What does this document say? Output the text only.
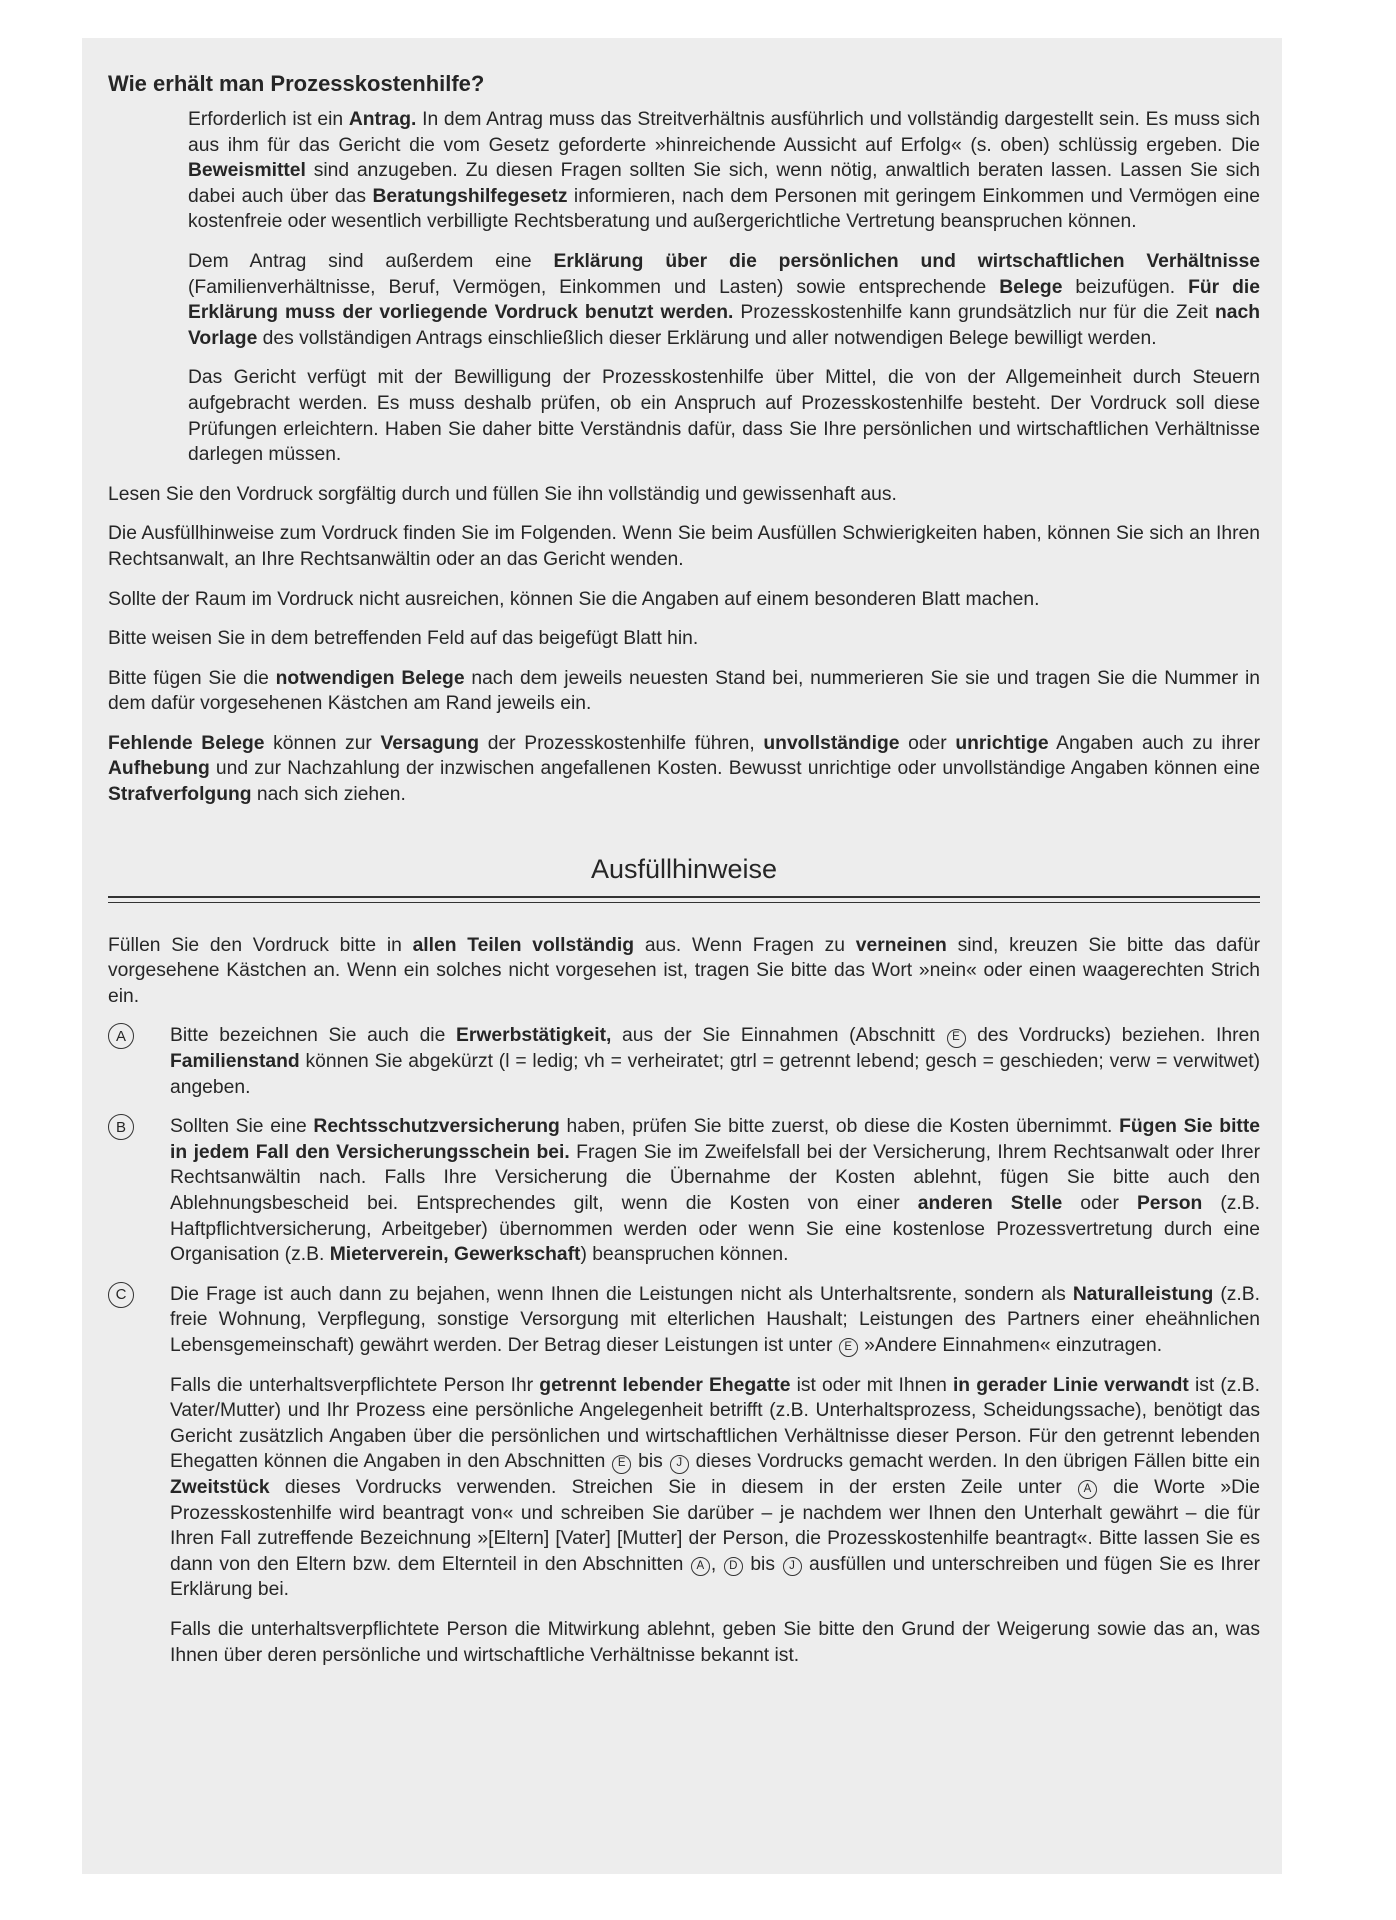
Wie erhält man Prozesskostenhilfe?

Erforderlich ist ein Antrag. In dem Antrag muss das Streitverhältnis ausführlich und vollständig dargestellt sein. Es muss sich aus ihm für das Gericht die vom Gesetz geforderte »hinreichende Aussicht auf Erfolg« (s. oben) schlüssig ergeben. Die Beweismittel sind anzugeben. Zu diesen Fragen sollten Sie sich, wenn nötig, anwaltlich beraten lassen. Lassen Sie sich dabei auch über das Beratungshilfegesetz informieren, nach dem Personen mit geringem Einkommen und Vermögen eine kostenfreie oder wesentlich verbilligte Rechtsberatung und außergerichtliche Vertretung beanspruchen können.

Dem Antrag sind außerdem eine Erklärung über die persönlichen und wirtschaftlichen Verhältnisse (Familienverhältnisse, Beruf, Vermögen, Einkommen und Lasten) sowie entsprechende Belege beizufügen. Für die Erklärung muss der vorliegende Vordruck benutzt werden. Prozesskostenhilfe kann grundsätzlich nur für die Zeit nach Vorlage des vollständigen Antrags einschließlich dieser Erklärung und aller notwendigen Belege bewilligt werden.

Das Gericht verfügt mit der Bewilligung der Prozesskostenhilfe über Mittel, die von der Allgemeinheit durch Steuern aufgebracht werden. Es muss deshalb prüfen, ob ein Anspruch auf Prozesskostenhilfe besteht. Der Vordruck soll diese Prüfungen erleichtern. Haben Sie daher bitte Verständnis dafür, dass Sie Ihre persönlichen und wirtschaftlichen Verhältnisse darlegen müssen.

Lesen Sie den Vordruck sorgfältig durch und füllen Sie ihn vollständig und gewissenhaft aus.

Die Ausfüllhinweise zum Vordruck finden Sie im Folgenden. Wenn Sie beim Ausfüllen Schwierigkeiten haben, können Sie sich an Ihren Rechtsanwalt, an Ihre Rechtsanwältin oder an das Gericht wenden.

Sollte der Raum im Vordruck nicht ausreichen, können Sie die Angaben auf einem besonderen Blatt machen.

Bitte weisen Sie in dem betreffenden Feld auf das beigefügt Blatt hin.

Bitte fügen Sie die notwendigen Belege nach dem jeweils neuesten Stand bei, nummerieren Sie sie und tragen Sie die Nummer in dem dafür vorgesehenen Kästchen am Rand jeweils ein.

Fehlende Belege können zur Versagung der Prozesskostenhilfe führen, unvollständige oder unrichtige Angaben auch zu ihrer Aufhebung und zur Nachzahlung der inzwischen angefallenen Kosten. Bewusst unrichtige oder unvollständige Angaben können eine Strafverfolgung nach sich ziehen.

Ausfüllhinweise

Füllen Sie den Vordruck bitte in allen Teilen vollständig aus. Wenn Fragen zu verneinen sind, kreuzen Sie bitte das dafür vorgesehene Kästchen an. Wenn ein solches nicht vorgesehen ist, tragen Sie bitte das Wort »nein« oder einen waagerechten Strich ein.

A	Bitte bezeichnen Sie auch die Erwerbstätigkeit, aus der Sie Einnahmen (Abschnitt E des Vordrucks) beziehen. Ihren Familienstand können Sie abgekürzt (l = ledig; vh = verheiratet; gtrl = getrennt lebend; gesch = geschieden; verw = verwitwet) angeben.

B	Sollten Sie eine Rechtsschutzversicherung haben, prüfen Sie bitte zuerst, ob diese die Kosten übernimmt. Fügen Sie bitte in jedem Fall den Versicherungsschein bei. Fragen Sie im Zweifelsfall bei der Versicherung, Ihrem Rechtsanwalt oder Ihrer Rechtsanwältin nach. Falls Ihre Versicherung die Übernahme der Kosten ablehnt, fügen Sie bitte auch den Ablehnungsbescheid bei. Entsprechendes gilt, wenn die Kosten von einer anderen Stelle oder Person (z.B. Haftpflichtversicherung, Arbeitgeber) übernommen werden oder wenn Sie eine kostenlose Prozessvertretung durch eine Organisation (z.B. Mieterverein, Gewerkschaft) beanspruchen können.

C	Die Frage ist auch dann zu bejahen, wenn Ihnen die Leistungen nicht als Unterhaltsrente, sondern als Naturalleistung (z.B. freie Wohnung, Verpflegung, sonstige Versorgung mit elterlichen Haushalt; Leistungen des Partners einer eheähnlichen Lebensgemeinschaft) gewährt werden. Der Betrag dieser Leistungen ist unter E »Andere Einnahmen« einzutragen.

Falls die unterhaltsverpflichtete Person Ihr getrennt lebender Ehegatte ist oder mit Ihnen in gerader Linie verwandt ist (z.B. Vater/Mutter) und Ihr Prozess eine persönliche Angelegenheit betrifft (z.B. Unterhaltsprozess, Scheidungssache), benötigt das Gericht zusätzlich Angaben über die persönlichen und wirtschaftlichen Verhältnisse dieser Person. Für den getrennt lebenden Ehegatten können die Angaben in den Abschnitten E bis J dieses Vordrucks gemacht werden. In den übrigen Fällen bitte ein Zweitstück dieses Vordrucks verwenden. Streichen Sie in diesem in der ersten Zeile unter A die Worte »Die Prozesskostenhilfe wird beantragt von« und schreiben Sie darüber – je nachdem wer Ihnen den Unterhalt gewährt – die für Ihren Fall zutreffende Bezeichnung »[Eltern] [Vater] [Mutter] der Person, die Prozesskostenhilfe beantragt«. Bitte lassen Sie es dann von den Eltern bzw. dem Elternteil in den Abschnitten A , D bis J ausfüllen und unterschreiben und fügen Sie es Ihrer Erklärung bei.

Falls die unterhaltsverpflichtete Person die Mitwirkung ablehnt, geben Sie bitte den Grund der Weigerung sowie das an, was Ihnen über deren persönliche und wirtschaftliche Verhältnisse bekannt ist.
